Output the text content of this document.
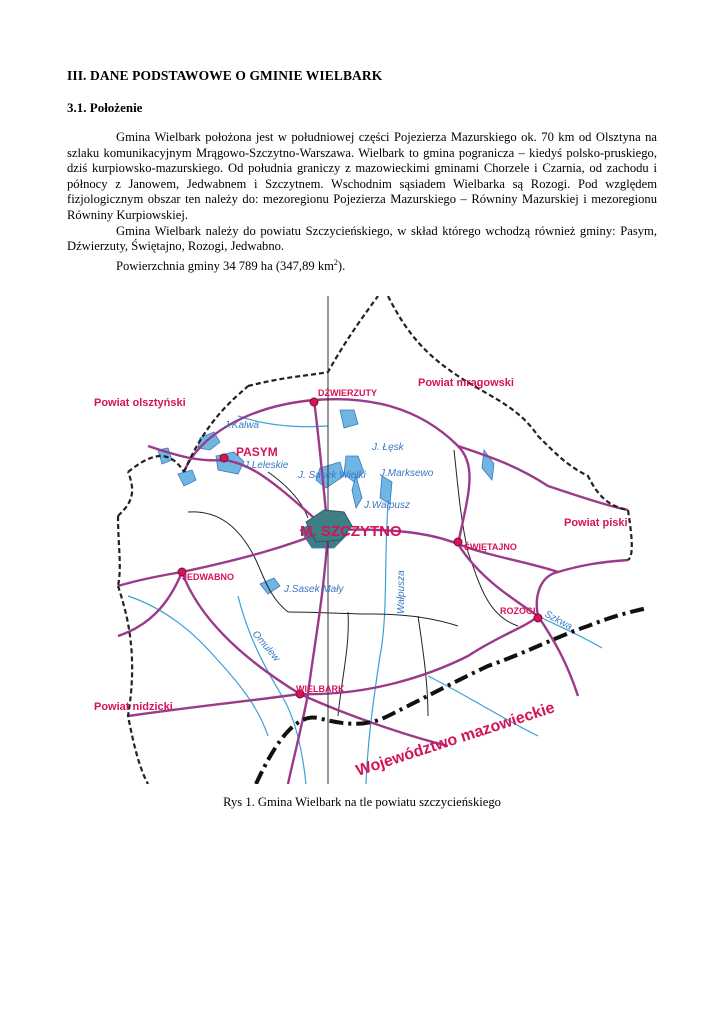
III. DANE PODSTAWOWE O GMINIE WIELBARK
3.1. Położenie

Gmina Wielbark położona jest w południowej części Pojezierza Mazurskiego ok. 70 km od Olsztyna na szlaku komunikacyjnym Mrągowo-Szczytno-Warszawa. Wielbark to gmina pogranicza – kiedyś polsko-pruskiego, dziś kurpiowsko-mazurskiego. Od południa graniczy z mazowieckimi gminami Chorzele i Czarnia, od zachodu i północy z Janowem, Jedwabnem i Szczytnem. Wschodnim sąsiadem Wielbarka są Rozogi. Pod względem fizjologicznym obszar ten należy do: mezoregionu Pojezierza Mazurskiego – Równiny Mazurskiej i mezoregionu Równiny Kurpiowskiej.

Gmina Wielbark należy do powiatu Szczycieńskiego, w skład którego wchodzą również gminy: Pasym, Dźwierzuty, Świętajno, Rozogi, Jedwabno.

Powierzchnia gminy 34 789 ha (347,89 $km^2$).

Powiat olsztyński
Powiat mrągowski
Powiat piski
Powiat nidzicki	Województwo mazowieckie
DŹWIERZUTY
PASYM
M. SZCZYTNO
ŚWIĘTAJNO
JEDWABNO
ROZOGI
WIELBARK
J.Kalwa
J.Leleskie
J. Łęsk
J. Sasek Wielki J.Marksewo
J.Wałpusz
J.Sasek Mały	Wałpusza
Omulew
Szkwa
Rys 1. Gmina Wielbark na tle powiatu szczycieńskiego
